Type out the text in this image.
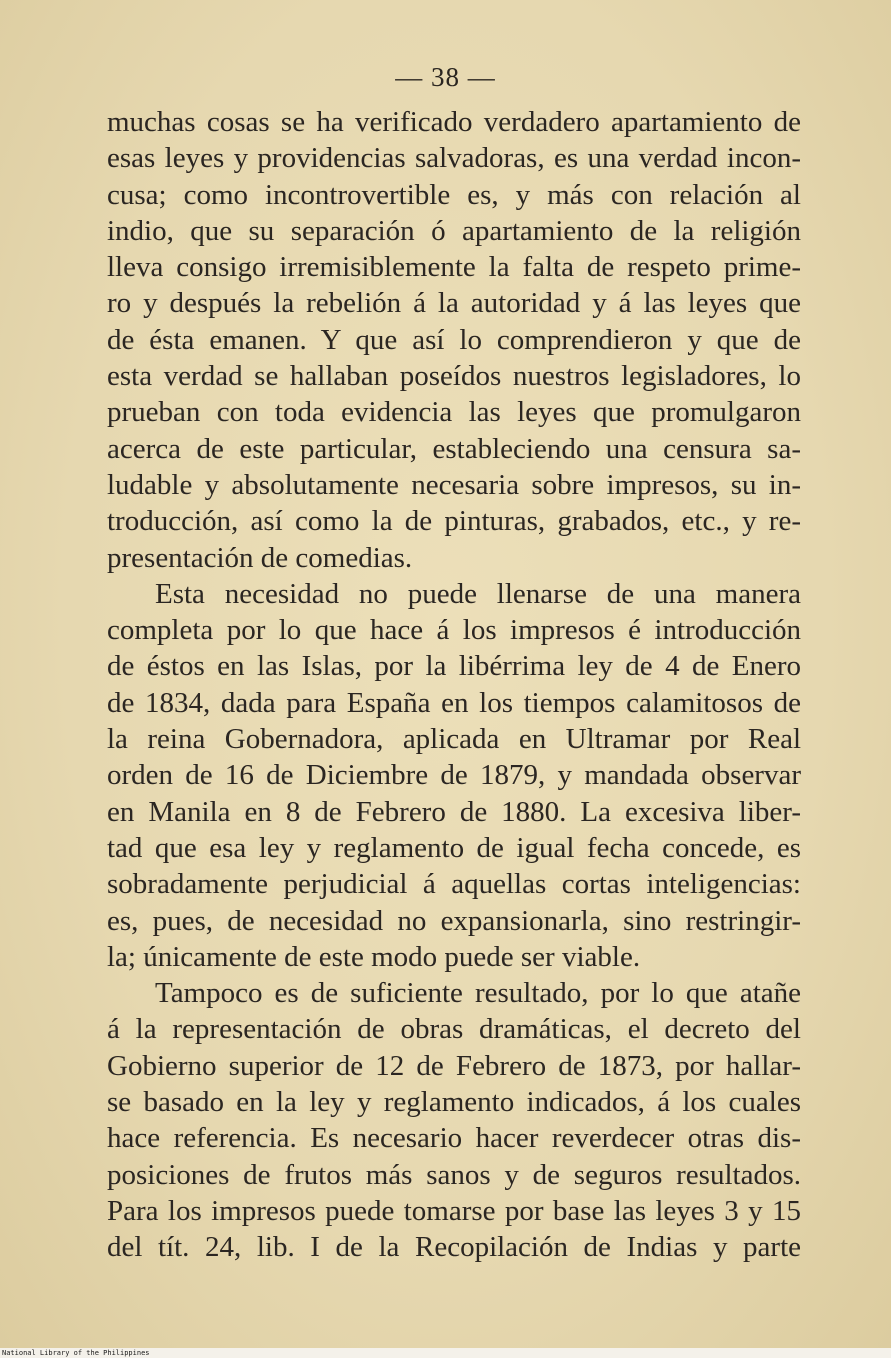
— 38 —
muchas cosas se ha verificado verdadero apartamiento de
esas leyes y providencias salvadoras, es una verdad incon-
cusa; como incontrovertible es, y más con relación al
indio, que su separación ó apartamiento de la religión
lleva consigo irremisiblemente la falta de respeto prime-
ro y después la rebelión á la autoridad y á las leyes que
de ésta emanen. Y que así lo comprendieron y que de
esta verdad se hallaban poseídos nuestros legisladores, lo
prueban con toda evidencia las leyes que promulgaron
acerca de este particular, estableciendo una censura sa-
ludable y absolutamente necesaria sobre impresos, su in-
troducción, así como la de pinturas, grabados, etc., y re-
presentación de comedias.
Esta necesidad no puede llenarse de una manera
completa por lo que hace á los impresos é introducción
de éstos en las Islas, por la libérrima ley de 4 de Enero
de 1834, dada para España en los tiempos calamitosos de
la reina Gobernadora, aplicada en Ultramar por Real
orden de 16 de Diciembre de 1879, y mandada observar
en Manila en 8 de Febrero de 1880. La excesiva liber-
tad que esa ley y reglamento de igual fecha concede, es
sobradamente perjudicial á aquellas cortas inteligencias:
es, pues, de necesidad no expansionarla, sino restringir-
la; únicamente de este modo puede ser viable.
Tampoco es de suficiente resultado, por lo que atañe
á la representación de obras dramáticas, el decreto del
Gobierno superior de 12 de Febrero de 1873, por hallar-
se basado en la ley y reglamento indicados, á los cuales
hace referencia. Es necesario hacer reverdecer otras dis-
posiciones de frutos más sanos y de seguros resultados.
Para los impresos puede tomarse por base las leyes 3 y 15
del tít. 24, lib. I de la Recopilación de Indias y parte
National Library of the Philippines
